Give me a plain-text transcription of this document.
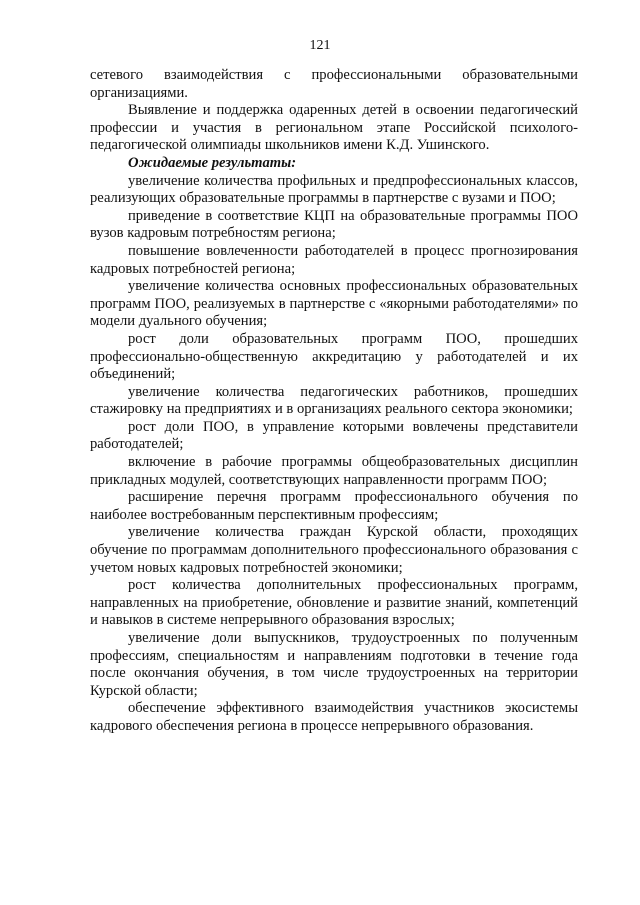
121

сетевого взаимодействия с профессиональными образовательными организациями.

Выявление и поддержка одаренных детей в освоении педагогический профессии и участия в региональном этапе Российской психолого-педагогической олимпиады школьников имени К.Д. Ушинского.

Ожидаемые результаты:

увеличение количества профильных и предпрофессиональных классов, реализующих образовательные программы в партнерстве с вузами и ПОО;

приведение в соответствие КЦП на образовательные программы ПОО вузов кадровым потребностям региона;

повышение вовлеченности работодателей в процесс прогнозирования кадровых потребностей региона;

увеличение количества основных профессиональных образовательных программ ПОО, реализуемых в партнерстве с «якорными работодателями» по модели дуального обучения;

рост доли образовательных программ ПОО, прошедших профессионально-общественную аккредитацию у работодателей и их объединений;

увеличение количества педагогических работников, прошедших стажировку на предприятиях и в организациях реального сектора экономики;

рост доли ПОО, в управление которыми вовлечены представители работодателей;

включение в рабочие программы общеобразовательных дисциплин прикладных модулей, соответствующих направленности программ ПОО;

расширение перечня программ профессионального обучения по наиболее востребованным перспективным профессиям;

увеличение количества граждан Курской области, проходящих обучение по программам дополнительного профессионального образования с учетом новых кадровых потребностей экономики;

рост количества дополнительных профессиональных программ, направленных на приобретение, обновление и развитие знаний, компетенций и навыков в системе непрерывного образования взрослых;

увеличение доли выпускников, трудоустроенных по полученным профессиям, специальностям и направлениям подготовки в течение года после окончания обучения, в том числе трудоустроенных на территории Курской области;

обеспечение эффективного взаимодействия участников экосистемы кадрового обеспечения региона в процессе непрерывного образования.
